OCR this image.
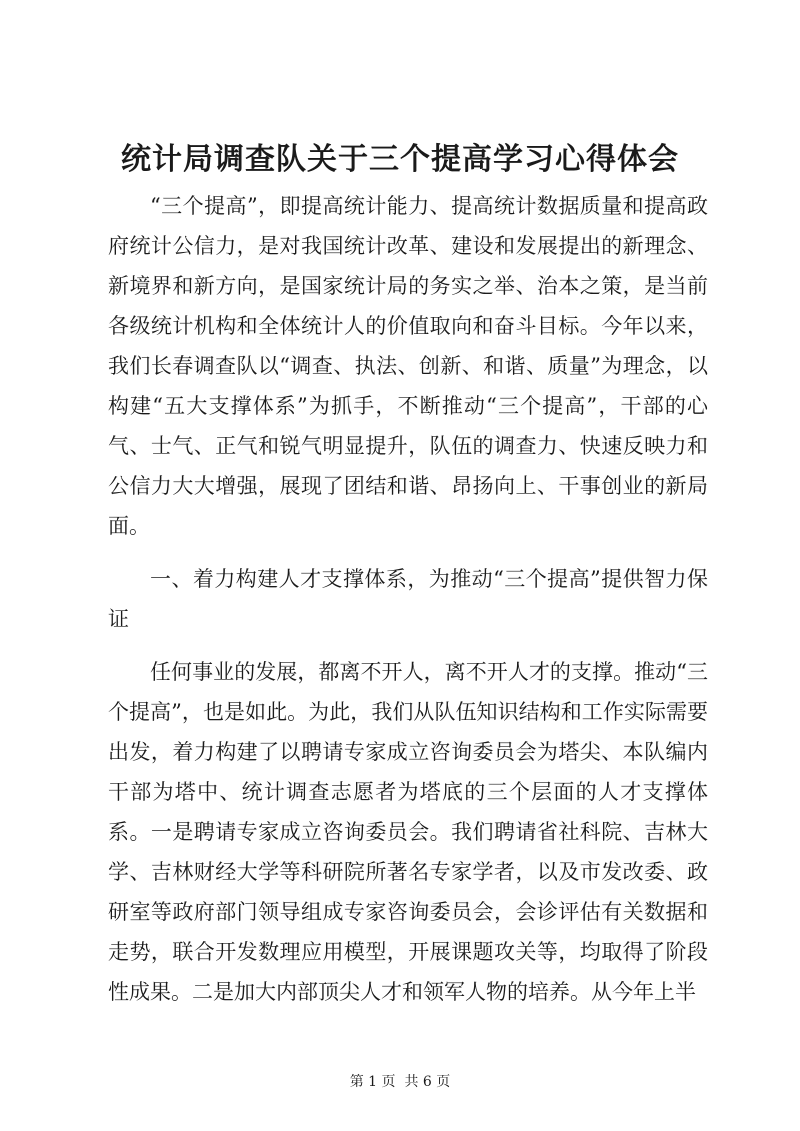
统计局调查队关于三个提高学习心得体会

“三个提高”，即提高统计能力、提高统计数据质量和提高政府统计公信力，是对我国统计改革、建设和发展提出的新理念、新境界和新方向，是国家统计局的务实之举、治本之策，是当前各级统计机构和全体统计人的价值取向和奋斗目标。今年以来，我们长春调查队以“调查、执法、创新、和谐、质量”为理念，以构建“五大支撑体系”为抓手，不断推动“三个提高”，干部的心气、士气、正气和锐气明显提升，队伍的调查力、快速反映力和公信力大大增强，展现了团结和谐、昂扬向上、干事创业的新局面。

一、着力构建人才支撑体系，为推动“三个提高”提供智力保证

任何事业的发展，都离不开人，离不开人才的支撑。推动“三个提高”，也是如此。为此，我们从队伍知识结构和工作实际需要出发，着力构建了以聘请专家成立咨询委员会为塔尖、本队编内干部为塔中、统计调查志愿者为塔底的三个层面的人才支撑体系。一是聘请专家成立咨询委员会。我们聘请省社科院、吉林大学、吉林财经大学等科研院所著名专家学者，以及市发改委、政研室等政府部门领导组成专家咨询委员会，会诊评估有关数据和走势，联合开发数理应用模型，开展课题攻关等，均取得了阶段性成果。二是加大内部顶尖人才和领军人物的培养。从今年上半

第 1 页  共 6 页
